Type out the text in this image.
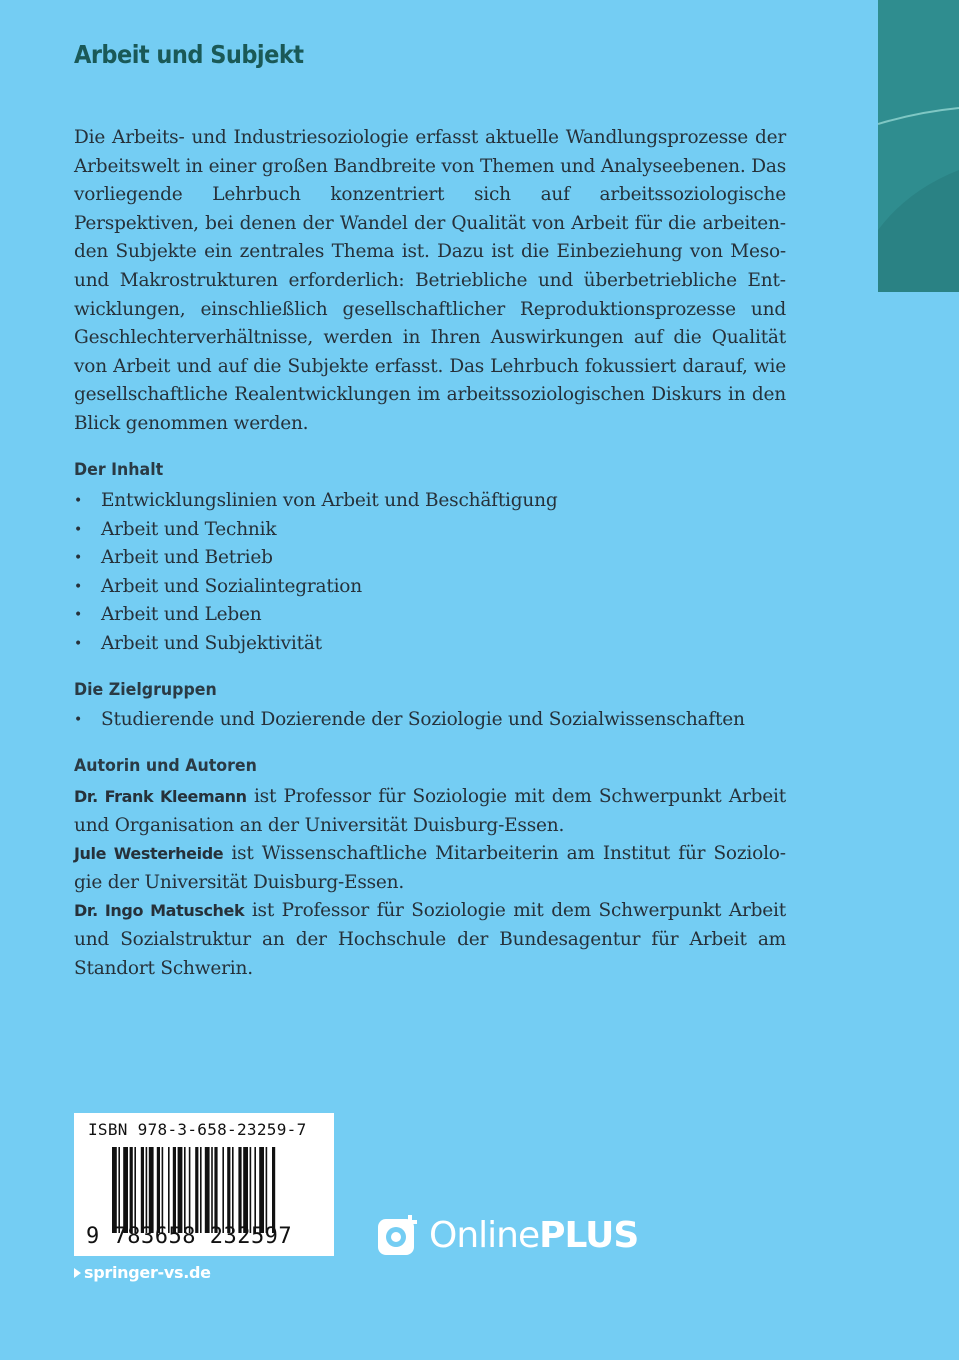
Arbeit und Subjekt

Die Arbeits- und Industriesoziologie erfasst aktuelle Wandlungsprozesse der Arbeitswelt in einer großen Bandbreite von Themen und Analyseebenen. Das vorliegende Lehrbuch konzentriert sich auf arbeitssoziologische Perspektiven, bei denen der Wandel der Qualität von Arbeit für die arbeitenden Subjekte ein zentrales Thema ist. Dazu ist die Einbeziehung von Meso- und Makrostrukturen erforderlich: Betriebliche und überbetriebliche Entwicklungen, einschließlich gesellschaftlicher Reproduktionsprozesse und Geschlechterverhältnisse, werden in Ihren Auswirkungen auf die Qualität von Arbeit und auf die Subjekte erfasst. Das Lehrbuch fokussiert darauf, wie gesellschaftliche Realentwicklungen im arbeitssoziologischen Diskurs in den Blick genommen werden.

Der Inhalt
• Entwicklungslinien von Arbeit und Beschäftigung
• Arbeit und Technik
• Arbeit und Betrieb
• Arbeit und Sozialintegration
• Arbeit und Leben
• Arbeit und Subjektivität
Die Zielgruppen
• Studierende und Dozierende der Soziologie und Sozialwissenschaften
Autorin und Autoren

Dr. Frank Kleemann ist Professor für Soziologie mit dem Schwerpunkt Arbeit und Organisation an der Universität Duisburg-Essen.

Jule Westerheide ist Wissenschaftliche Mitarbeiterin am Institut für Soziologie der Universität Duisburg-Essen.

Dr. Ingo Matuschek ist Professor für Soziologie mit dem Schwerpunkt Arbeit und Sozialstruktur an der Hochschule der Bundesagentur für Arbeit am Standort Schwerin.

ISBN 978-3-658-23259-7
9 783658 232597	OnlinePLUS
springer-vs.de
